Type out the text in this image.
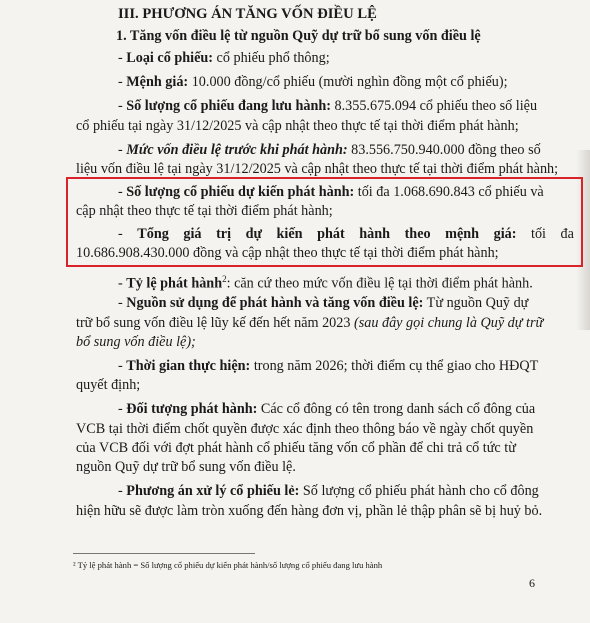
III. PHƯƠNG ÁN TĂNG VỐN ĐIỀU LỆ
1. Tăng vốn điều lệ từ nguồn Quỹ dự trữ bổ sung vốn điều lệ
- Loại cổ phiếu: cổ phiếu phổ thông;
- Mệnh giá: 10.000 đồng/cổ phiếu (mười nghìn đồng một cổ phiếu);
- Số lượng cổ phiếu đang lưu hành: 8.355.675.094 cổ phiếu theo số liệu
cổ phiếu tại ngày 31/12/2025 và cập nhật theo thực tế tại thời điểm phát hành;
- Mức vốn điều lệ trước khi phát hành: 83.556.750.940.000 đồng theo số
liệu vốn điều lệ tại ngày 31/12/2025 và cập nhật theo thực tế tại thời điểm phát hành;
- Số lượng cổ phiếu dự kiến phát hành: tối đa 1.068.690.843 cổ phiếu và
cập nhật theo thực tế tại thời điểm phát hành;
- Tổng giá trị dự kiến phát hành theo mệnh giá: tối đa
10.686.908.430.000 đồng và cập nhật theo thực tế tại thời điểm phát hành;
- Tỷ lệ phát hành$^2$: căn cứ theo mức vốn điều lệ tại thời điểm phát hành.
- Nguồn sử dụng để phát hành và tăng vốn điều lệ: Từ nguồn Quỹ dự
trữ bổ sung vốn điều lệ lũy kế đến hết năm 2023 (sau đây gọi chung là Quỹ dự trữ
bổ sung vốn điều lệ);
- Thời gian thực hiện: trong năm 2026; thời điểm cụ thể giao cho HĐQT
quyết định;
- Đối tượng phát hành: Các cổ đông có tên trong danh sách cổ đông của
VCB tại thời điểm chốt quyền được xác định theo thông báo về ngày chốt quyền
của VCB đối với đợt phát hành cổ phiếu tăng vốn cổ phần để chi trả cổ tức từ
nguồn Quỹ dự trữ bổ sung vốn điều lệ.
- Phương án xử lý cổ phiếu lẻ: Số lượng cổ phiếu phát hành cho cổ đông
hiện hữu sẽ được làm tròn xuống đến hàng đơn vị, phần lẻ thập phân sẽ bị huỷ bỏ.
² Tỷ lệ phát hành = Số lượng cổ phiếu dự kiến phát hành/số lượng cổ phiếu đang lưu hành
6
